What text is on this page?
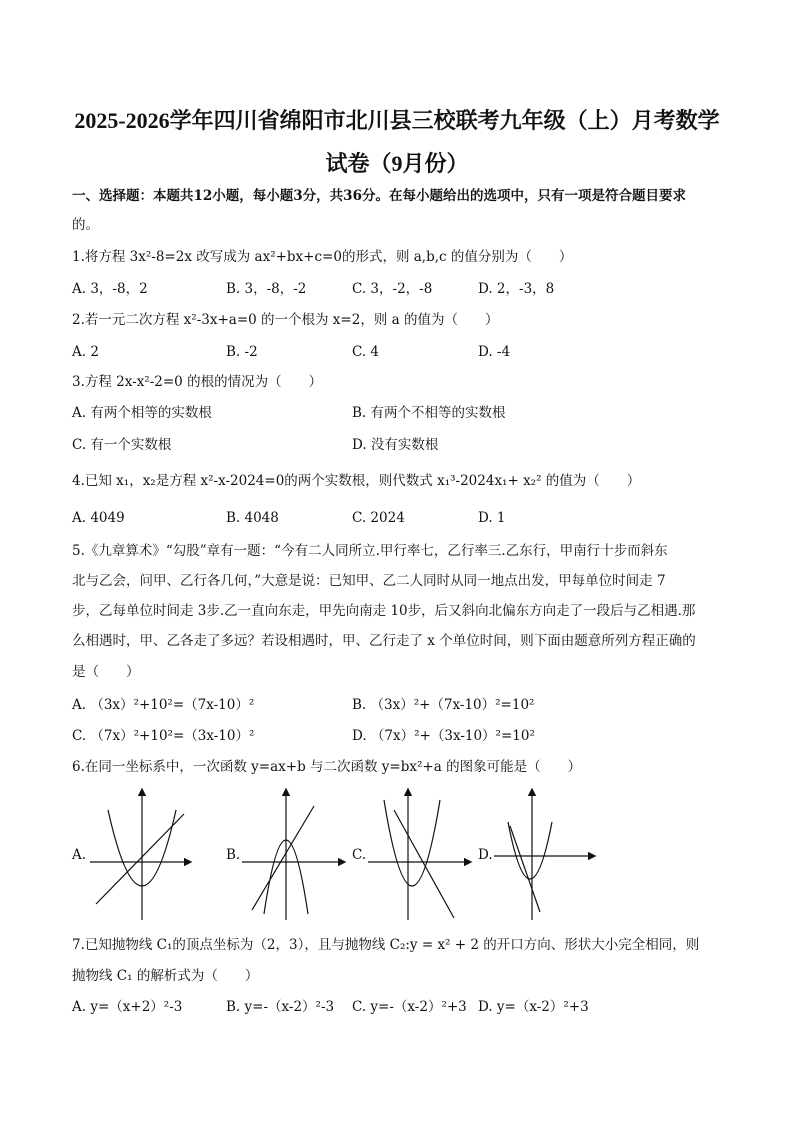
2025-2026学年四川省绵阳市北川县三校联考九年级（上）月考数学
试卷（9月份）
一、选择题：本题共12小题，每小题3分，共36分。在每小题给出的选项中，只有一项是符合题目要求
的。
1.将方程 3x²-8=2x 改写成为 ax²+bx+c=0的形式，则 a,b,c 的值分别为（　　）
A. 3，-8，2	B. 3，-8，-2	C. 3，-2，-8	D. 2，-3，8
2.若一元二次方程 x²-3x+a=0 的一个根为 x=2，则 a 的值为（　　）
A. 2	B. -2	C. 4	D. -4
3.方程 2x-x²-2=0 的根的情况为（　　）
A. 有两个相等的实数根	B. 有两个不相等的实数根
C. 有一个实数根	D. 没有实数根
4.已知 x₁，x₂是方程 x²-x-2024=0的两个实数根，则代数式 x₁³-2024x₁+ x₂² 的值为（　　）
A. 4049	B. 4048	C. 2024	D. 1
5.《九章算术》“勾股”章有一题：“今有二人同所立.甲行率七，乙行率三.乙东行，甲南行十步而斜东
北与乙会，问甲、乙行各几何，”大意是说：已知甲、乙二人同时从同一地点出发，甲每单位时间走 7
步，乙每单位时间走 3步.乙一直向东走，甲先向南走 10步，后又斜向北偏东方向走了一段后与乙相遇.那
么相遇时，甲、乙各走了多远？若设相遇时，甲、乙行走了 x 个单位时间，则下面由题意所列方程正确的
是（　　）
A. （3x）²+10²=（7x-10）²	B. （3x）²+（7x-10）²=10²
C. （7x）²+10²=（3x-10）²	D. （7x）²+（3x-10）²=10²
6.在同一坐标系中，一次函数 y=ax+b 与二次函数 y=bx²+a 的图象可能是（　　）
A.	B.	C.	D.
7.已知抛物线 C₁的顶点坐标为（2，3），且与抛物线 C₂:y = x² + 2 的开口方向、形状大小完全相同，则
抛物线 C₁ 的解析式为（　　）
A. y=（x+2）²-3	B. y=-（x-2）²-3 C. y=-（x-2）²+3 D. y=（x-2）²+3
